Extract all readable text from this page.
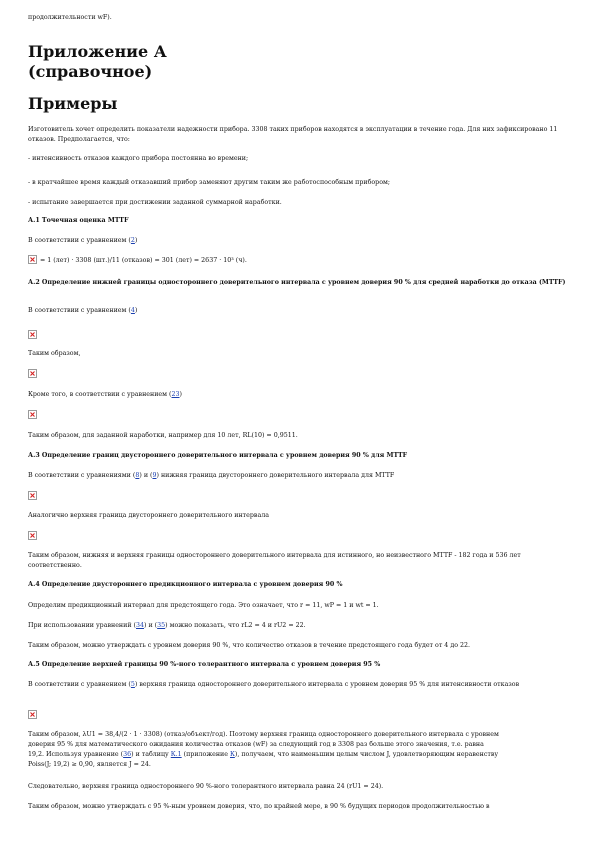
продолжительности wF).

Приложение А
(справочное)
Примеры

Изготовитель хочет определить показатели надежности прибора. 3308 таких приборов находятся в эксплуатации в течение года. Для них зафиксировано 11 отказов. Предполагается, что:

- интенсивность отказов каждого прибора постоянна во времени;

- в кратчайшее время каждый отказавший прибор заменяют другим таким же работоспособным прибором;

- испытание завершается при достижении заданной суммарной наработки.

А.1 Точечная оценка MTTF

В соответствии с уравнением (2)

= 1 (лет) · 3308 (шт.)/11 (отказов) = 301 (лет) = 2637 · 10³ (ч).

А.2 Определение нижней границы одностороннего доверительного интервала с уровнем доверия 90 % для средней наработки до отказа (MTTF)

В соответствии с уравнением (4)

Таким образом,

Кроме того, в соответствии с уравнением (23)

Таким образом, для заданной наработки, например для 10 лет, RL(10) = 0,9511.

А.3 Определение границ двустороннего доверительного интервала с уровнем доверия 90 % для MTTF

В соответствии с уравнениями (8) и (9) нижняя граница двустороннего доверительного интервала для MTTF

Аналогично верхняя граница двустороннего доверительного интервала

Таким образом, нижняя и верхняя границы одностороннего доверительного интервала для истинного, но неизвестного MTTF - 182 года и 536 лет соответственно.

А.4 Определение двустороннего предикционного интервала с уровнем доверия 90 %

Определим предикционный интервал для предстоящего года. Это означает, что r = 11, wP = 1 и wt = 1.

При использовании уравнений (34) и (35) можно показать, что rL2 = 4 и rU2 = 22.

Таким образом, можно утверждать с уровнем доверия 90 %, что количество отказов в течение предстоящего года будет от 4 до 22.

А.5 Определение верхней границы 90 %-ного толерантного интервала с уровнем доверия 95 %

В соответствии с уравнением (5) верхняя граница одностороннего доверительного интервала с уровнем доверия 95 % для интенсивности отказов

Таким образом, λU1 = 38,4/(2 · 1 · 3308) (отказ/объект/год). Поэтому верхняя граница одностороннего доверительного интервала с уровнем

доверия 95 % для математического ожидания количества отказов (wF) за следующий год в 3308 раз больше этого значения, т.е. равна

19,2. Используя уравнение (36) и таблицу К.1 (приложение К), получаем, что наименьшим целым числом J, удовлетворяющим неравенству

Poiss(J; 19,2) ≥ 0,90, является J = 24.

Следовательно, верхняя граница одностороннего 90 %-ного толерантного интервала равна 24 (rU1 = 24).

Таким образом, можно утверждать с 95 %-ным уровнем доверия, что, по крайней мере, в 90 % будущих периодов продолжительностью в
